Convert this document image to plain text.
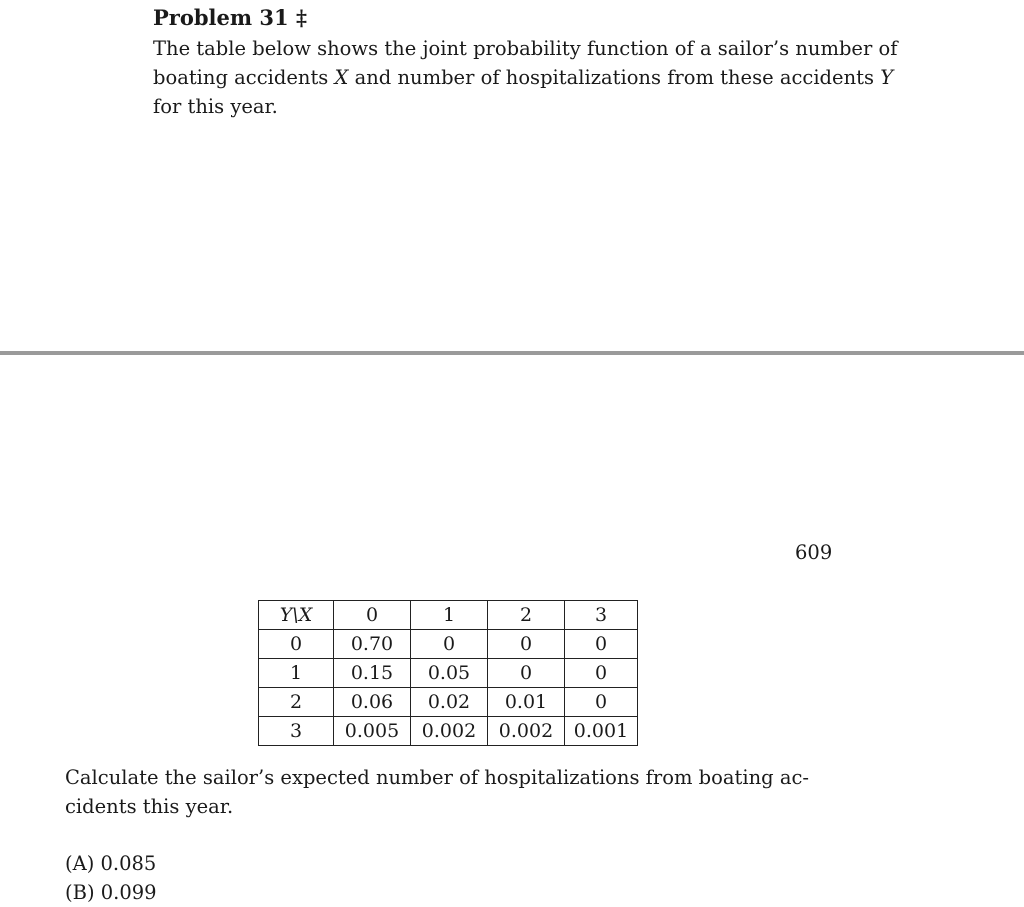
Problem 31 ‡

The table below shows the joint probability function of a sailor’s number of
boating accidents X and number of hospitalizations from these accidents Y
for this year.

609

Y\X	0	1	2	3
0	0.70	0	0	0
1	0.15	0.05	0	0
2	0.06	0.02	0.01	0
3	0.005	0.002	0.002	0.001

Calculate the sailor’s expected number of hospitalizations from boating ac-
cidents this year.

(A) 0.085
(B) 0.099
